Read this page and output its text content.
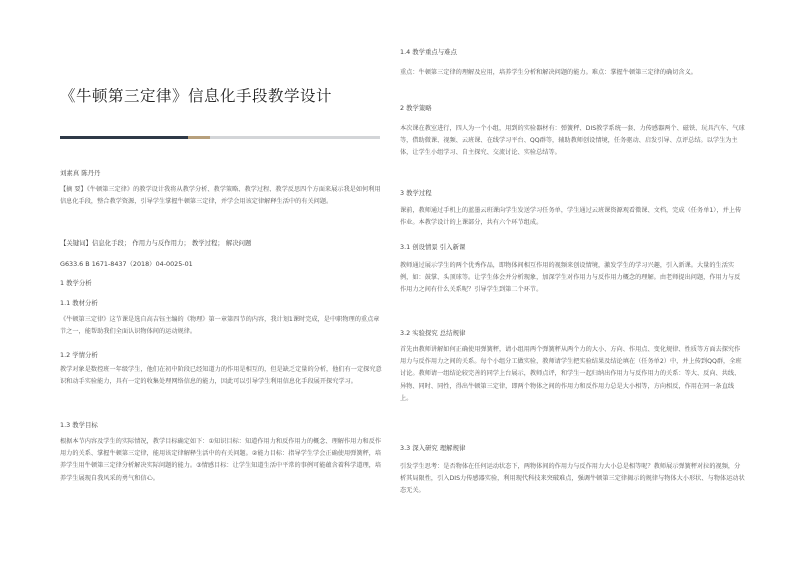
《牛顿第三定律》信息化手段教学设计
刘素真 陈丹丹
【摘 要】《牛顿第三定律》的教学设计我将从教学分析、教学策略、教学过程、教学反思四个方面来展示我是如何利用信息化手段，整合教学资源，引导学生掌握牛顿第三定律，并学会用该定律解释生活中的有关问题。
【关键词】信息化手段； 作用力与反作用力； 教学过程； 解决问题
G633.6 B 1671-8437（2018）04-0025-01
1 教学分析
1.1 教材分析
《牛顿第三定律》这节课是选自高吉钰主编的《物理》第一章第四节的内容，我计划1课时完成，是中职物理的重点章节之一，能帮助我们全面认识物体间的运动规律。
1.2 学情分析
教学对象是数控班一年级学生，他们在初中阶段已经知道力的作用是相互的，但是缺乏定量的分析，他们有一定探究意识和动手实验能力，具有一定的收集处理网络信息的能力，因此可以引导学生利用信息化手段展开探究学习。
1.3 教学目标
根据本节内容及学生的实际情况，教学目标确定如下：①知识目标：知道作用力和反作用力的概念、理解作用力和反作用力的关系、掌握牛顿第三定律，能用该定律解释生活中的有关问题。②能力目标：指导学生学会正确使用弹簧秤，培养学生用牛顿第三定律分析解决实际问题的能力。③情感目标：让学生知道生活中平常的事例可能蕴含着科学道理，培养学生展现自我风采的勇气和信心。
1.4 教学重点与难点
重点：牛顿第三定律的理解及应用，培养学生分析和解决问题的能力。难点：掌握牛顿第三定律的确切含义。
2 教学策略
本次课在教室进行，四人为一个小组，用到的实验器材有：弹簧秤、DIS教学系统一套、力传感器两个、磁铁、玩具汽车、气球等，借助微课、视频、云班课、在线学习平台、QQ群等，辅助教师创设情境，任务驱动、启发引导、点评总结。以学生为主体，让学生小组学习、自主探究、交流讨论、实验总结等。
3 教学过程
课前，教师通过手机上的蓝墨云班课向学生发送学习任务单，学生通过云班课资源观看微课、文档，完成（任务单1），并上传作业。本教学设计的上课部分，共有六个环节组成。
3.1 创设情景 引入新课
教师通过展示学生的两个优秀作品，即物体间相互作用的视频来创设情境，激发学生的学习兴趣，引入新课。大量的生活实例，如：鼓掌、头顶球等。让学生体会并分析现象，加深学生对作用力与反作用力概念的理解。由老师提出问题，作用力与反作用力之间有什么关系呢？引导学生到第二个环节。
3.2 实验探究 总结规律
首先由教师讲解如何正确使用弹簧秤，请小组用两个弹簧秤从两个力的大小、方向、作用点、变化规律、性质等方面去探究作用力与反作用力之间的关系。每个小组分工做实验，教师请学生把实验结果及结论填在（任务单2）中，并上传到QQ群，全班讨论。教师请一组结论较完善的同学上台展示，教师点评，和学生一起归纳出作用力与反作用力的关系：等大、反向、共线、异物、同时、同性，得出牛顿第三定律，即两个物体之间的作用力和反作用力总是大小相等，方向相反，作用在同一条直线上。
3.3 深入研究 理解规律
引发学生思考：是否物体在任何运动状态下，两物体间的作用力与反作用力大小总是相等呢？教师展示弹簧秤对拉的视频，分析其局限性，引入DIS力传感器实验，利用现代科技来突破难点，强调牛顿第三定律揭示的规律与物体大小形状、与物体运动状态无关。
